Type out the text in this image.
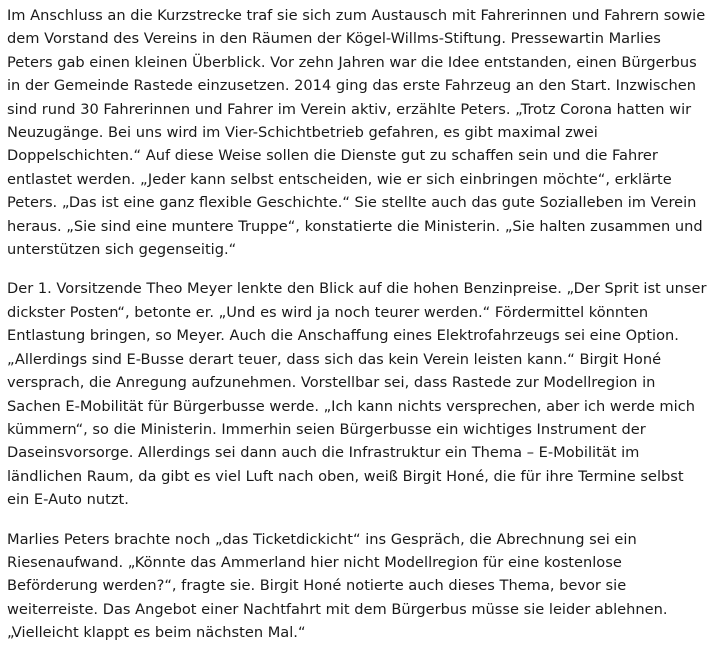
Im Anschluss an die Kurzstrecke traf sie sich zum Austausch mit Fahrerinnen und Fahrern sowie dem Vorstand des Vereins in den Räumen der Kögel-Willms-Stiftung. Pressewartin Marlies Peters gab einen kleinen Überblick. Vor zehn Jahren war die Idee entstanden, einen Bürgerbus in der Gemeinde Rastede einzusetzen. 2014 ging das erste Fahrzeug an den Start. Inzwischen sind rund 30 Fahrerinnen und Fahrer im Verein aktiv, erzählte Peters. „Trotz Corona hatten wir Neuzugänge. Bei uns wird im Vier-Schichtbetrieb gefahren, es gibt maximal zwei Doppelschichten.“ Auf diese Weise sollen die Dienste gut zu schaffen sein und die Fahrer entlastet werden. „Jeder kann selbst entscheiden, wie er sich einbringen möchte“, erklärte Peters. „Das ist eine ganz flexible Geschichte.“ Sie stellte auch das gute Sozialleben im Verein heraus. „Sie sind eine muntere Truppe“, konstatierte die Ministerin. „Sie halten zusammen und unterstützen sich gegenseitig.“

Der 1. Vorsitzende Theo Meyer lenkte den Blick auf die hohen Benzinpreise. „Der Sprit ist unser dickster Posten“, betonte er. „Und es wird ja noch teurer werden.“ Fördermittel könnten Entlastung bringen, so Meyer. Auch die Anschaffung eines Elektrofahrzeugs sei eine Option. „Allerdings sind E-Busse derart teuer, dass sich das kein Verein leisten kann.“ Birgit Honé versprach, die Anregung aufzunehmen. Vorstellbar sei, dass Rastede zur Modellregion in Sachen E-Mobilität für Bürgerbusse werde. „Ich kann nichts versprechen, aber ich werde mich kümmern“, so die Ministerin. Immerhin seien Bürgerbusse ein wichtiges Instrument der Daseinsvorsorge. Allerdings sei dann auch die Infrastruktur ein Thema – E-Mobilität im ländlichen Raum, da gibt es viel Luft nach oben, weiß Birgit Honé, die für ihre Termine selbst ein E-Auto nutzt.

Marlies Peters brachte noch „das Ticketdickicht“ ins Gespräch, die Abrechnung sei ein Riesenaufwand. „Könnte das Ammerland hier nicht Modellregion für eine kostenlose Beförderung werden?“, fragte sie. Birgit Honé notierte auch dieses Thema, bevor sie weiterreiste. Das Angebot einer Nachtfahrt mit dem Bürgerbus müsse sie leider ablehnen. „Vielleicht klappt es beim nächsten Mal.“
